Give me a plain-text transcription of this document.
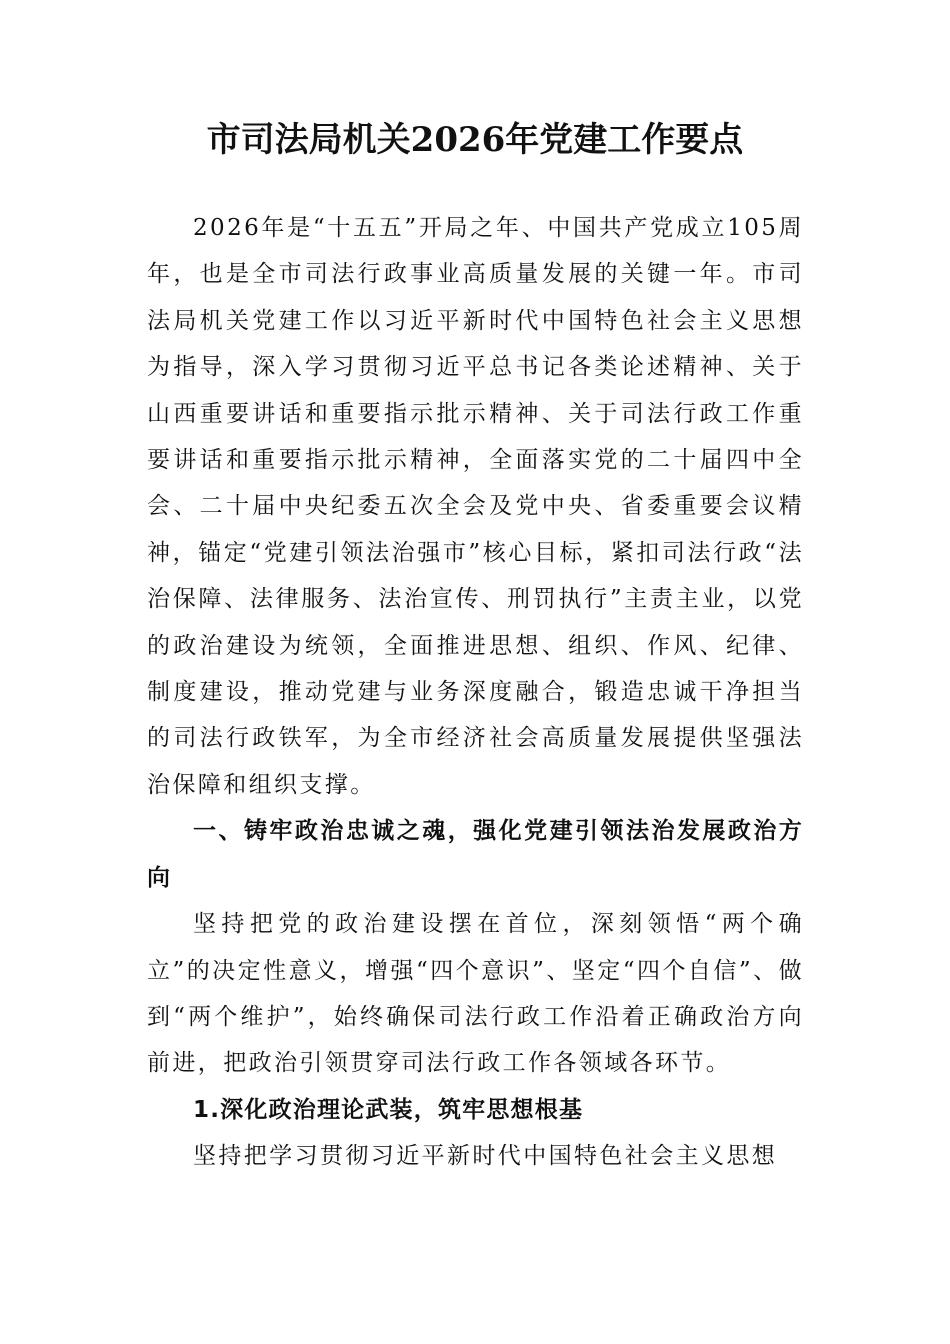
市司法局机关2026年党建工作要点

2026年是“十五五”开局之年、中国共产党成立105周年，也是全市司法行政事业高质量发展的关键一年。市司法局机关党建工作以习近平新时代中国特色社会主义思想为指导，深入学习贯彻习近平总书记各类论述精神、关于山西重要讲话和重要指示批示精神、关于司法行政工作重要讲话和重要指示批示精神，全面落实党的二十届四中全会、二十届中央纪委五次全会及党中央、省委重要会议精神，锚定“党建引领法治强市”核心目标，紧扣司法行政“法治保障、法律服务、法治宣传、刑罚执行”主责主业，以党的政治建设为统领，全面推进思想、组织、作风、纪律、制度建设，推动党建与业务深度融合，锻造忠诚干净担当的司法行政铁军，为全市经济社会高质量发展提供坚强法治保障和组织支撑。

一、铸牢政治忠诚之魂，强化党建引领法治发展政治方向

坚持把党的政治建设摆在首位，深刻领悟“两个确立”的决定性意义，增强“四个意识”、坚定“四个自信”、做到“两个维护”，始终确保司法行政工作沿着正确政治方向前进，把政治引领贯穿司法行政工作各领域各环节。

1.深化政治理论武装，筑牢思想根基

坚持把学习贯彻习近平新时代中国特色社会主义思想
